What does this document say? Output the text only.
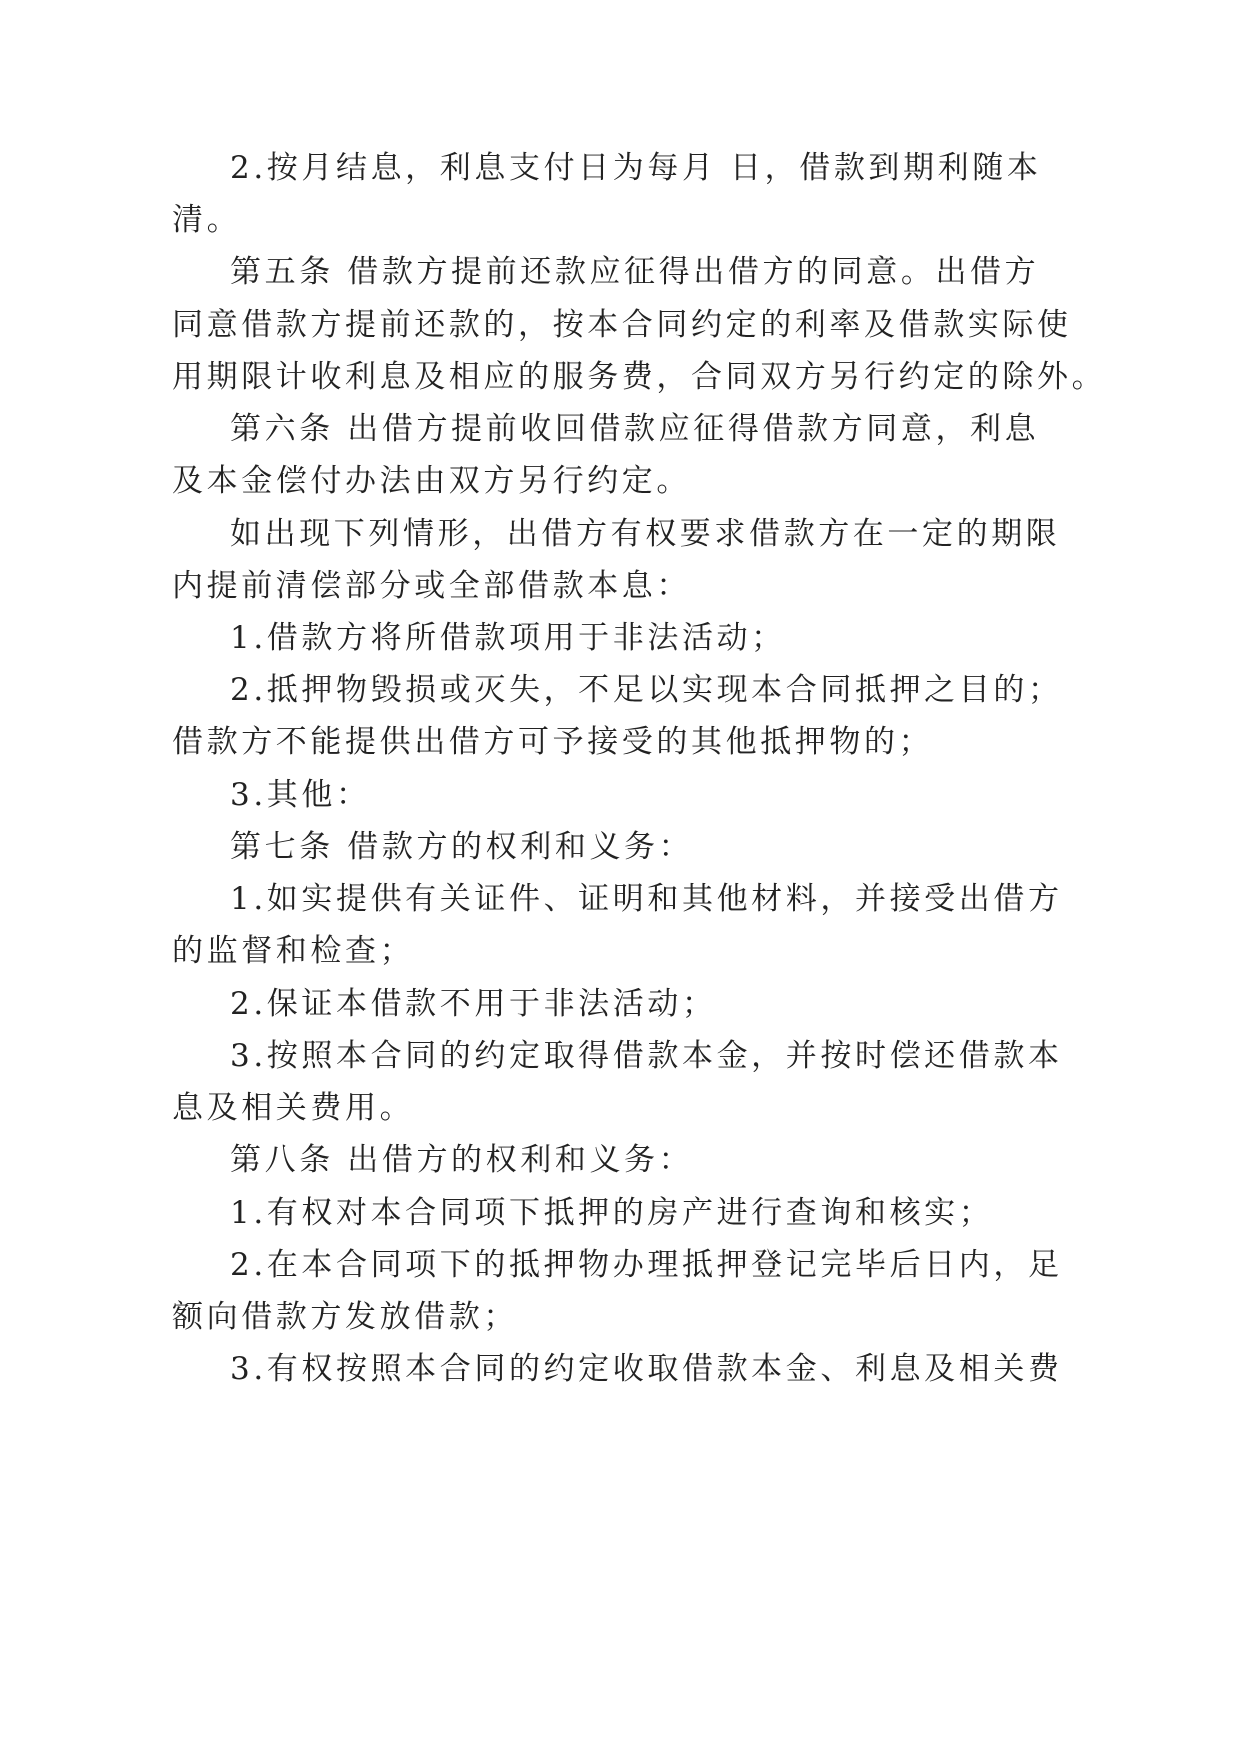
2.按月结息，利息支付日为每月 日，借款到期利随本
清。
第五条 借款方提前还款应征得出借方的同意。出借方
同意借款方提前还款的，按本合同约定的利率及借款实际使
用期限计收利息及相应的服务费，合同双方另行约定的除外。
第六条 出借方提前收回借款应征得借款方同意，利息
及本金偿付办法由双方另行约定。
如出现下列情形，出借方有权要求借款方在一定的期限
内提前清偿部分或全部借款本息：
1.借款方将所借款项用于非法活动；
2.抵押物毁损或灭失，不足以实现本合同抵押之目的；
借款方不能提供出借方可予接受的其他抵押物的；
3.其他：
第七条 借款方的权利和义务：
1.如实提供有关证件、证明和其他材料，并接受出借方
的监督和检查；
2.保证本借款不用于非法活动；
3.按照本合同的约定取得借款本金，并按时偿还借款本
息及相关费用。
第八条 出借方的权利和义务：
1.有权对本合同项下抵押的房产进行查询和核实；
2.在本合同项下的抵押物办理抵押登记完毕后日内，足
额向借款方发放借款；
3.有权按照本合同的约定收取借款本金、利息及相关费
